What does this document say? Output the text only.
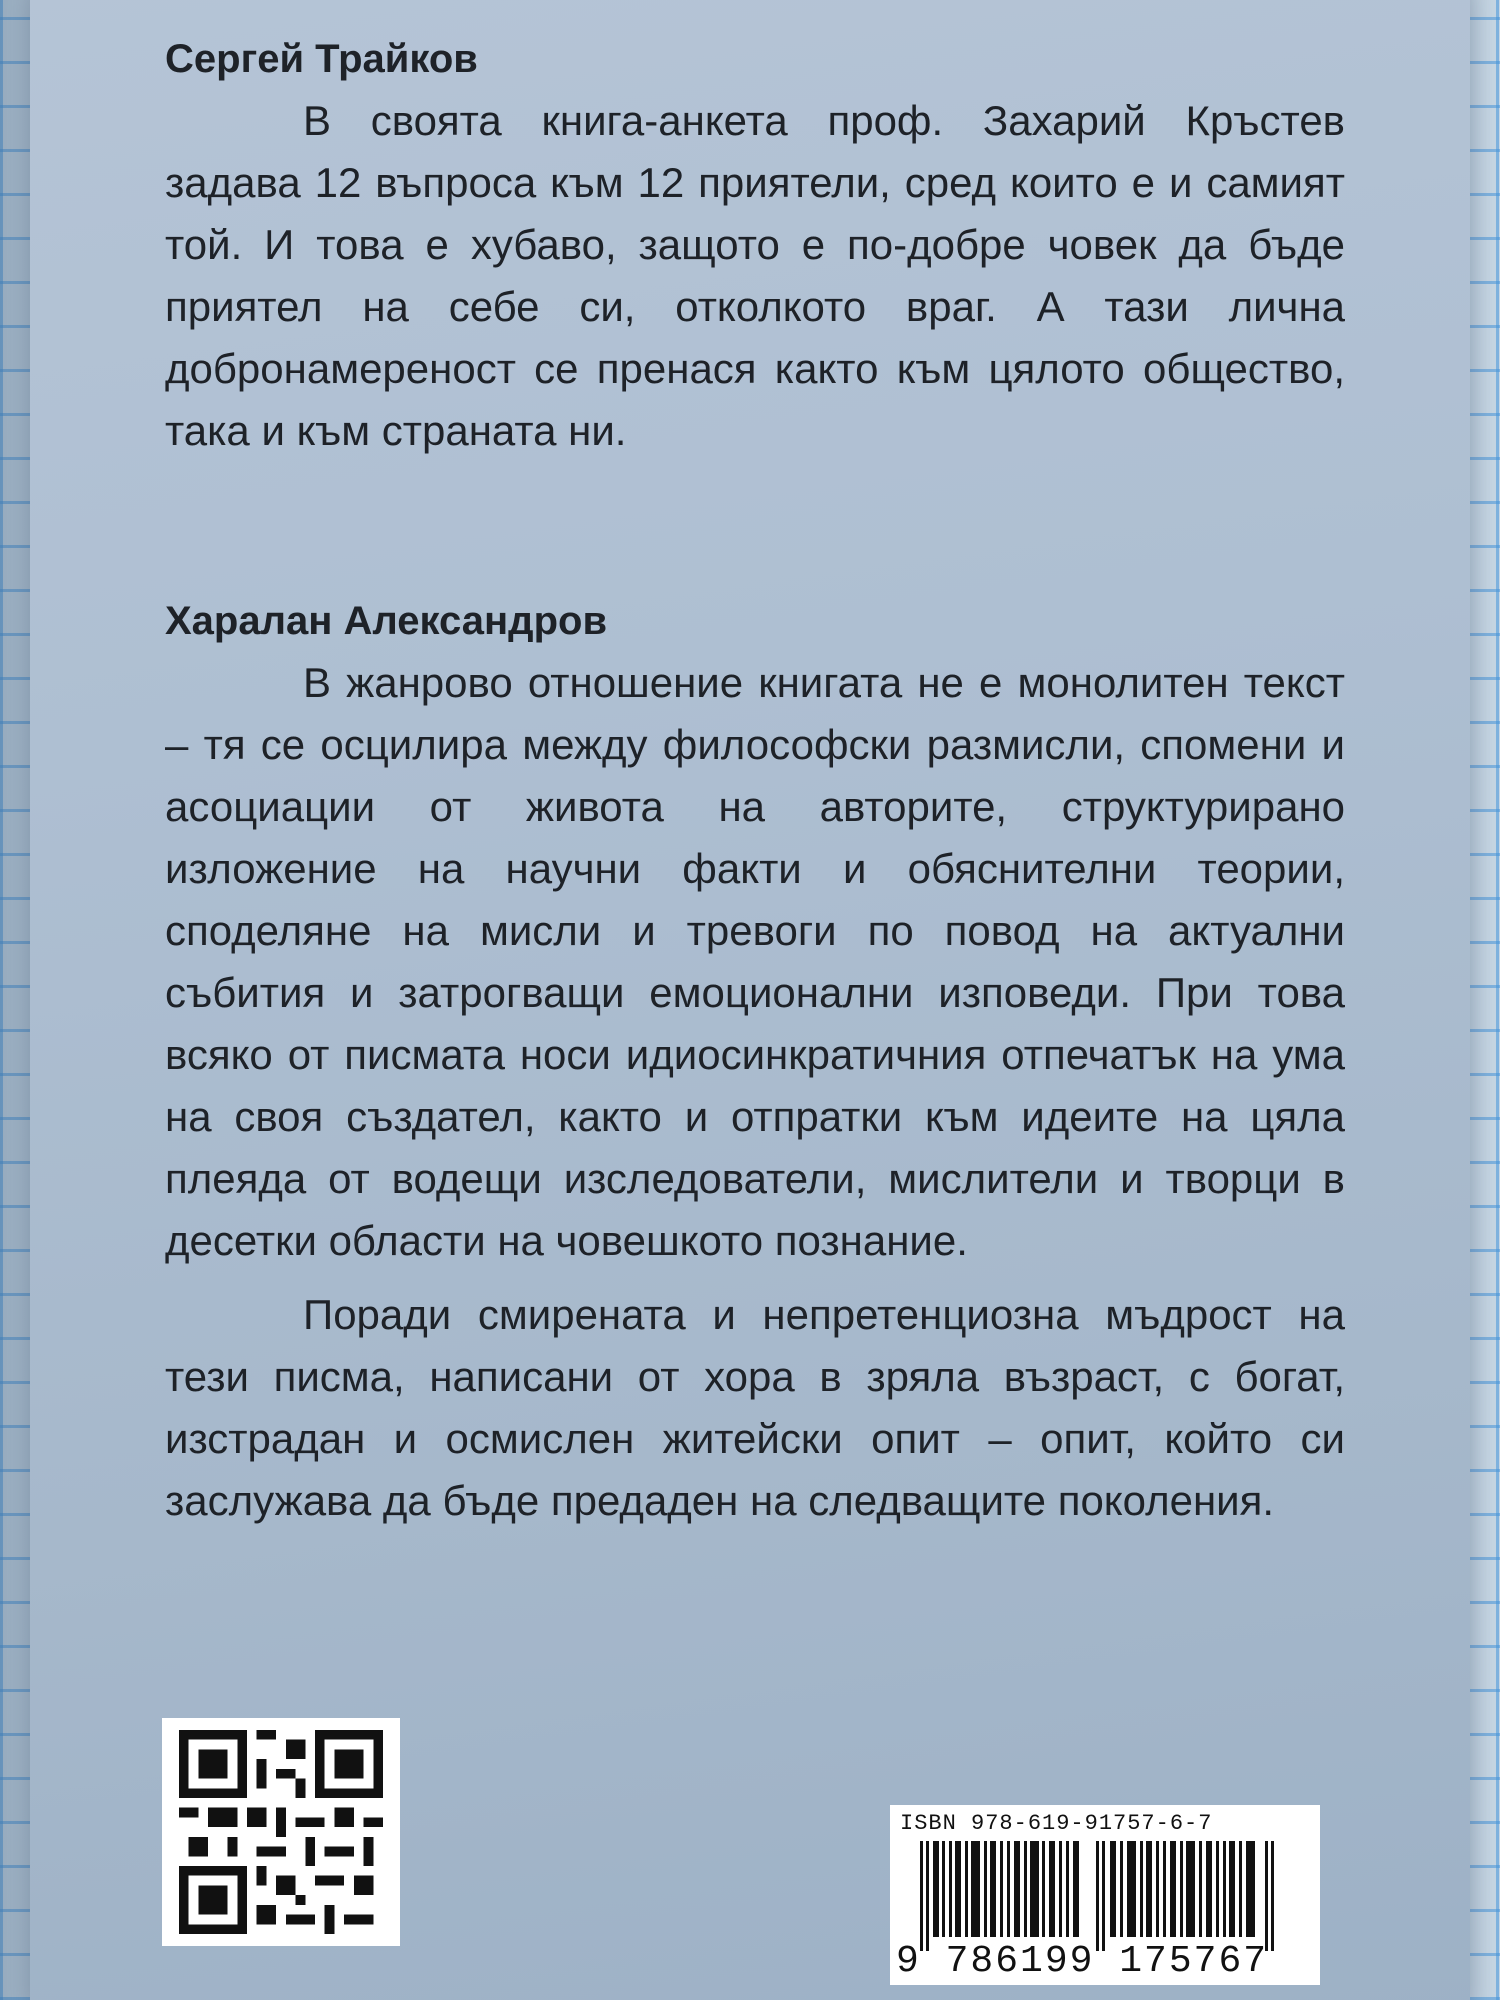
Сергей Трайков

В своята книга-анкета проф. Захарий Кръстев задава 12 въпроса към 12 приятели, сред които е и самият той. И това е хубаво, защото е по-добре човек да бъде приятел на себе си, отколкото враг. А тази лична добронамереност се пренася както към цялото общество, така и към страната ни.

Харалан Александров

В жанрово отношение книгата не е монолитен текст – тя се осцилира между философски размисли, спомени и асоциации от живота на авторите, структурирано изложение на научни факти и обяснителни теории, споделяне на мисли и тревоги по повод на актуални събития и затрогващи емоционални изповеди. При това всяко от писмата носи идиосинкратичния отпечатък на ума на своя създател, както и отпратки към идеите на цяла плеяда от водещи изследователи, мислители и творци в десетки области на човешкото познание.

Поради смирената и непретенциозна мъдрост на тези писма, написани от хора в зряла възраст, с богат, изстрадан и осмислен житейски опит – опит, който си заслужава да бъде предаден на следващите поколения.

ISBN 978-619-91757-6-7
9 786199 175767
